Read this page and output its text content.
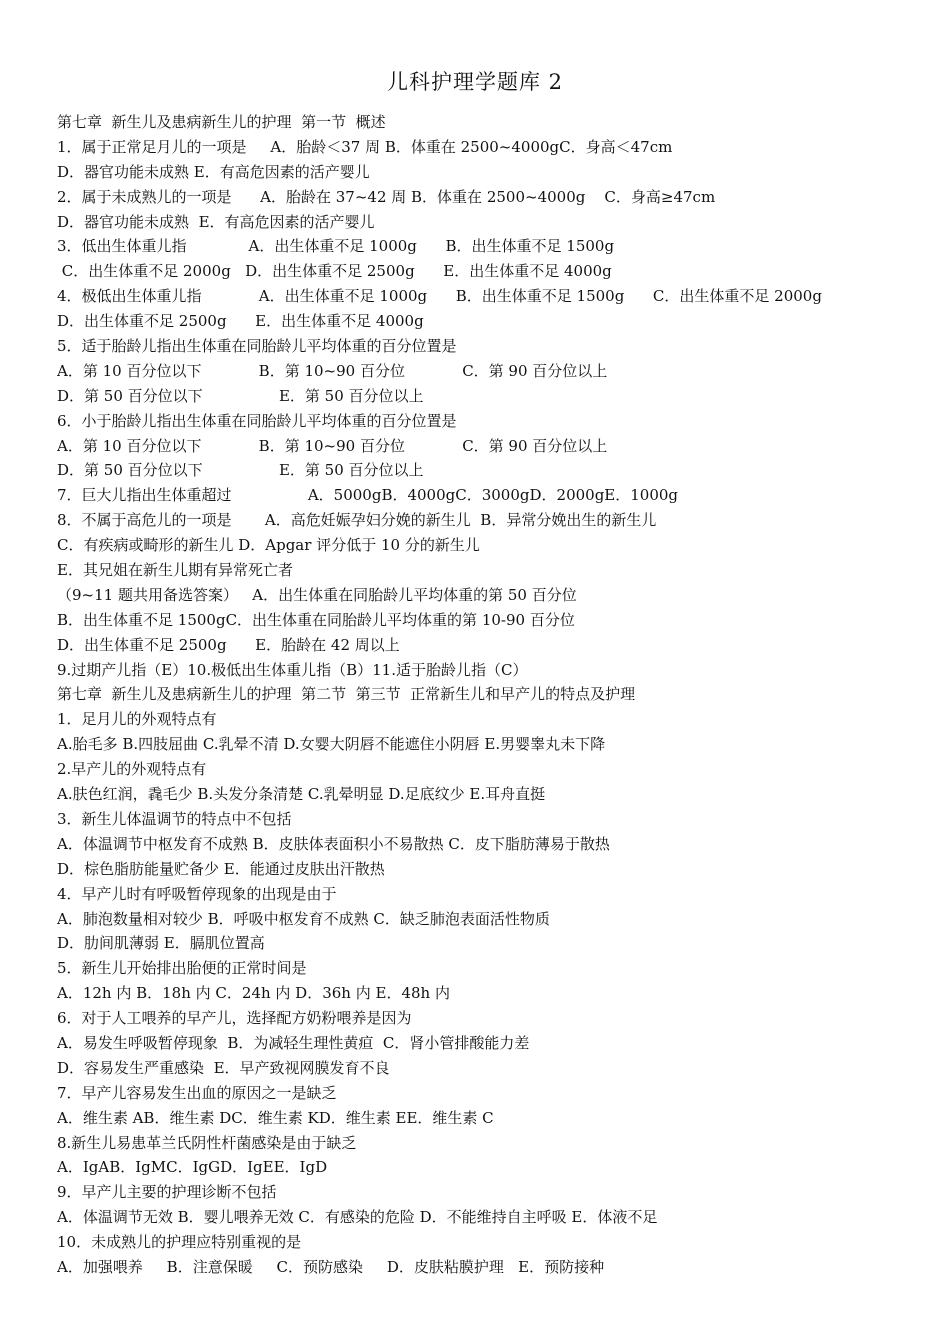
儿科护理学题库 2
第七章  新生儿及患病新生儿的护理  第一节  概述
1．属于正常足月儿的一项是     A．胎龄＜37 周 B．体重在 2500~4000gC．身高＜47cm
D．器官功能未成熟 E．有高危因素的活产婴儿
2．属于未成熟儿的一项是      A．胎龄在 37~42 周 B．体重在 2500~4000g    C．身高≥47cm
D．器官功能未成熟  E．有高危因素的活产婴儿
3．低出生体重儿指             A．出生体重不足 1000g      B．出生体重不足 1500g
C．出生体重不足 2000g   D．出生体重不足 2500g      E．出生体重不足 4000g
4．极低出生体重儿指            A．出生体重不足 1000g      B．出生体重不足 1500g      C．出生体重不足 2000g
D．出生体重不足 2500g      E．出生体重不足 4000g
5．适于胎龄儿指出生体重在同胎龄儿平均体重的百分位置是
A．第 10 百分位以下            B．第 10~90 百分位            C．第 90 百分位以上
D．第 50 百分位以下                E．第 50 百分位以上
6．小于胎龄儿指出生体重在同胎龄儿平均体重的百分位置是
A．第 10 百分位以下            B．第 10~90 百分位            C．第 90 百分位以上
D．第 50 百分位以下                E．第 50 百分位以上
7．巨大儿指出生体重超过                A．5000gB．4000gC．3000gD．2000gE．1000g
8．不属于高危儿的一项是       A．高危妊娠孕妇分娩的新生儿  B．异常分娩出生的新生儿
C．有疾病或畸形的新生儿 D．Apgar 评分低于 10 分的新生儿
E．其兄姐在新生儿期有异常死亡者
（9~11 题共用备选答案）   A．出生体重在同胎龄儿平均体重的第 50 百分位
B．出生体重不足 1500gC．出生体重在同胎龄儿平均体重的第 10-90 百分位
D．出生体重不足 2500g      E．胎龄在 42 周以上
9.过期产儿指（E）10.极低出生体重儿指（B）11.适于胎龄儿指（C）
第七章  新生儿及患病新生儿的护理  第二节  第三节  正常新生儿和早产儿的特点及护理
1．足月儿的外观特点有
A.胎毛多 B.四肢屈曲 C.乳晕不清 D.女婴大阴唇不能遮住小阴唇 E.男婴睾丸未下降
2.早产儿的外观特点有
A.肤色红润，毳毛少 B.头发分条清楚 C.乳晕明显 D.足底纹少 E.耳舟直挺
3．新生儿体温调节的特点中不包括
A．体温调节中枢发育不成熟 B．皮肤体表面积小不易散热 C．皮下脂肪薄易于散热
D．棕色脂肪能量贮备少 E．能通过皮肤出汗散热
4．早产儿时有呼吸暂停现象的出现是由于
A．肺泡数量相对较少 B．呼吸中枢发育不成熟 C．缺乏肺泡表面活性物质
D．肋间肌薄弱 E．膈肌位置高
5．新生儿开始排出胎便的正常时间是
A．12h 内 B．18h 内 C．24h 内 D．36h 内 E．48h 内
6．对于人工喂养的早产儿，选择配方奶粉喂养是因为
A．易发生呼吸暂停现象  B．为减轻生理性黄疸  C．肾小管排酸能力差
D．容易发生严重感染  E．早产致视网膜发育不良
7．早产儿容易发生出血的原因之一是缺乏
A．维生素 AB．维生素 DC．维生素 KD．维生素 EE．维生素 C
8.新生儿易患革兰氏阴性杆菌感染是由于缺乏
A．IgAB．IgMC．IgGD．IgEE．IgD
9．早产儿主要的护理诊断不包括
A．体温调节无效 B．婴儿喂养无效 C．有感染的危险 D．不能维持自主呼吸 E．体液不足
10．未成熟儿的护理应特别重视的是
A．加强喂养     B．注意保暖     C．预防感染     D．皮肤粘膜护理   E．预防接种
